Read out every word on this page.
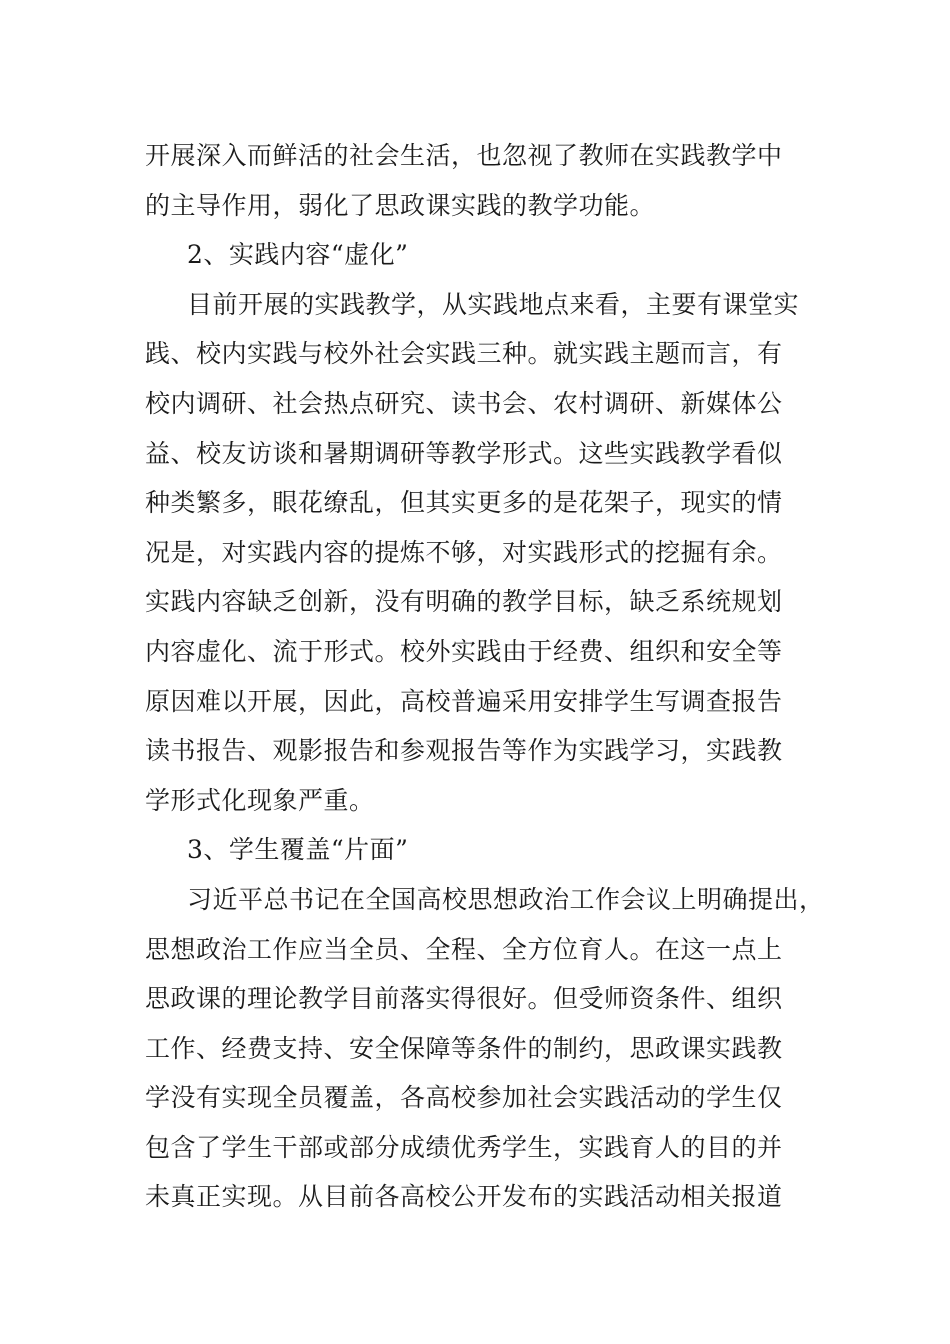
开展深入而鲜活的社会生活，也忽视了教师在实践教学中
的主导作用，弱化了思政课实践的教学功能。
2、实践内容“虚化”
目前开展的实践教学，从实践地点来看，主要有课堂实
践、校内实践与校外社会实践三种。就实践主题而言，有
校内调研、社会热点研究、读书会、农村调研、新媒体公
益、校友访谈和暑期调研等教学形式。这些实践教学看似
种类繁多，眼花缭乱，但其实更多的是花架子，现实的情
况是，对实践内容的提炼不够，对实践形式的挖掘有余。
实践内容缺乏创新，没有明确的教学目标，缺乏系统规划
内容虚化、流于形式。校外实践由于经费、组织和安全等
原因难以开展，因此，高校普遍采用安排学生写调查报告
读书报告、观影报告和参观报告等作为实践学习，实践教
学形式化现象严重。
3、学生覆盖“片面”
习近平总书记在全国高校思想政治工作会议上明确提出，
思想政治工作应当全员、全程、全方位育人。在这一点上
思政课的理论教学目前落实得很好。但受师资条件、组织
工作、经费支持、安全保障等条件的制约，思政课实践教
学没有实现全员覆盖，各高校参加社会实践活动的学生仅
包含了学生干部或部分成绩优秀学生，实践育人的目的并
未真正实现。从目前各高校公开发布的实践活动相关报道
